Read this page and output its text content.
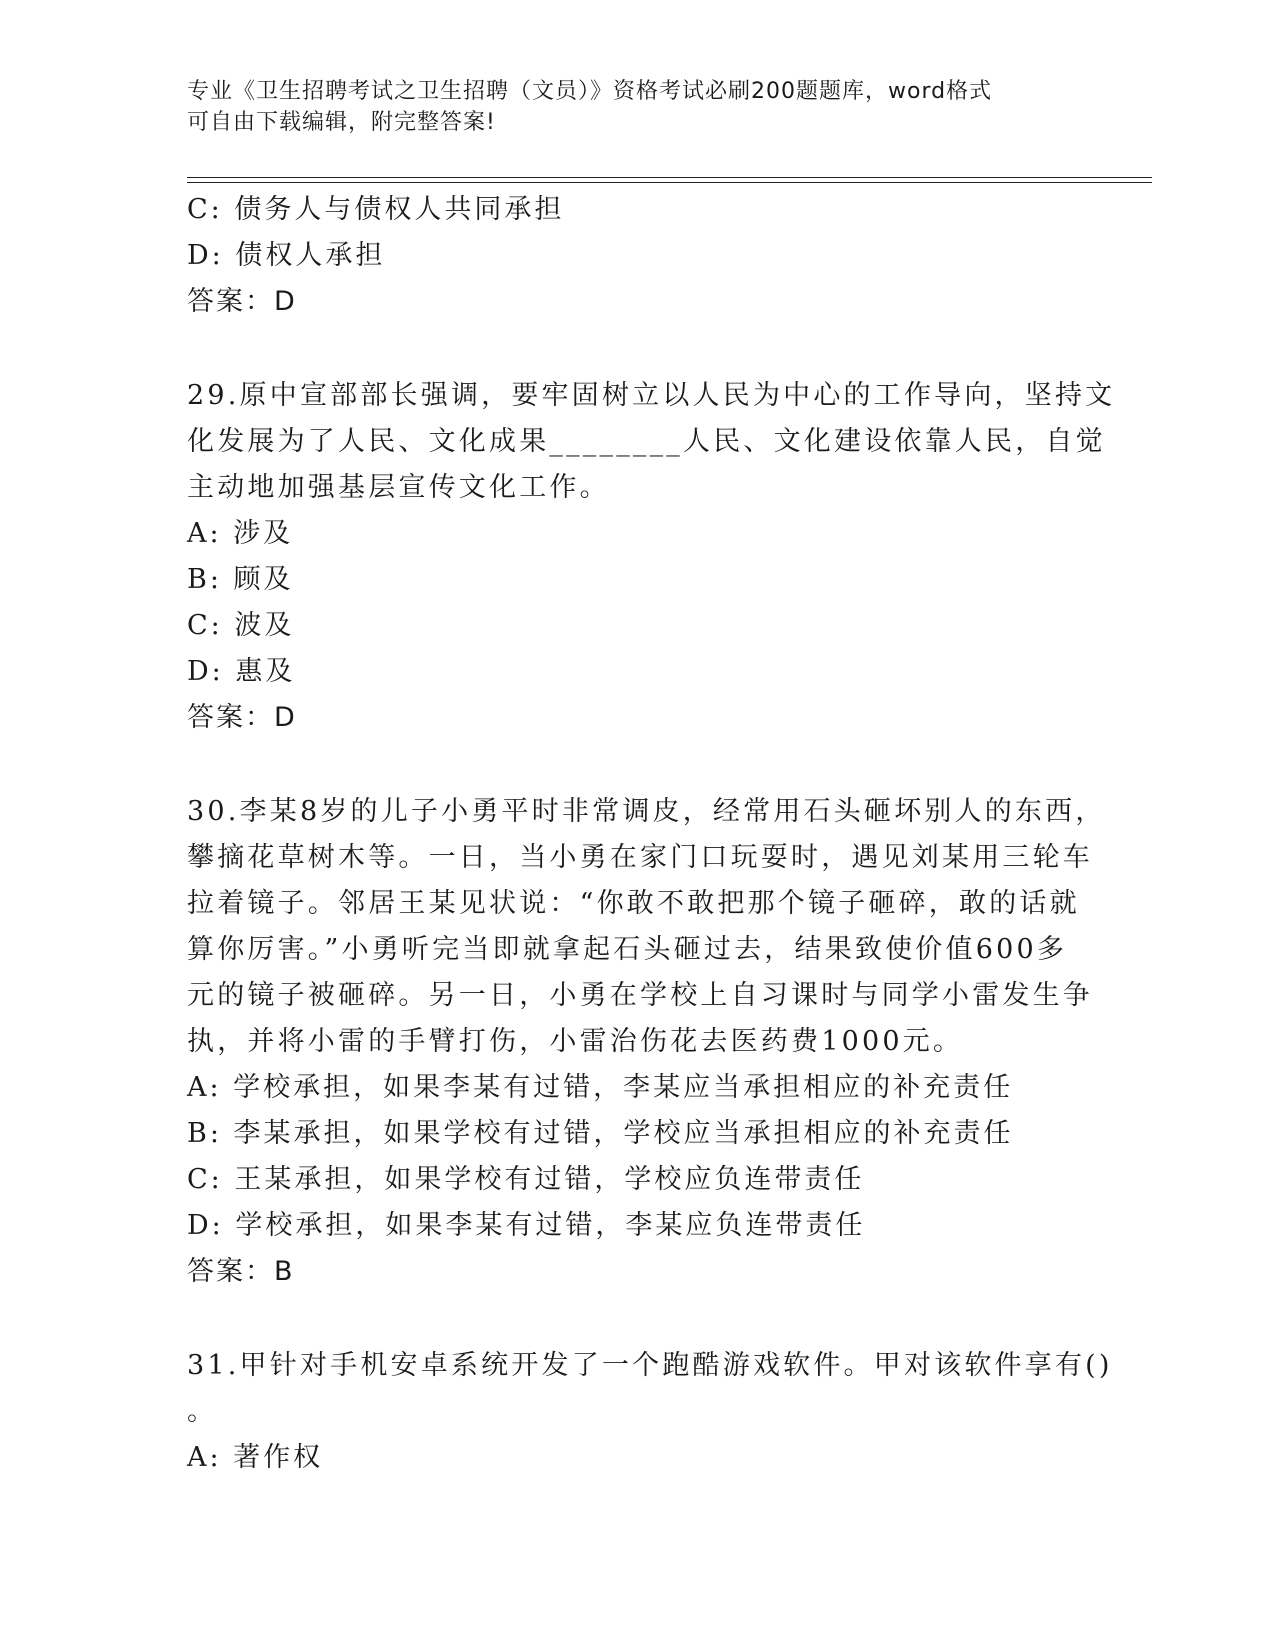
专业《卫生招聘考试之卫生招聘（文员）》资格考试必刷200题题库，word格式
可自由下载编辑，附完整答案!
C: 债务人与债权人共同承担
D: 债权人承担
答案：D
29.原中宣部部长强调，要牢固树立以人民为中心的工作导向，坚持文
化发展为了人民、文化成果________人民、文化建设依靠人民，自觉
主动地加强基层宣传文化工作。
A: 涉及
B: 顾及
C: 波及
D: 惠及
答案：D
30.李某8岁的儿子小勇平时非常调皮，经常用石头砸坏别人的东西，
攀摘花草树木等。一日，当小勇在家门口玩耍时，遇见刘某用三轮车
拉着镜子。邻居王某见状说：“你敢不敢把那个镜子砸碎，敢的话就
算你厉害。”小勇听完当即就拿起石头砸过去，结果致使价值600多
元的镜子被砸碎。另一日，小勇在学校上自习课时与同学小雷发生争
执，并将小雷的手臂打伤，小雷治伤花去医药费1000元。
A: 学校承担，如果李某有过错，李某应当承担相应的补充责任
B: 李某承担，如果学校有过错，学校应当承担相应的补充责任
C: 王某承担，如果学校有过错，学校应负连带责任
D: 学校承担，如果李某有过错，李某应负连带责任
答案：B
31.甲针对手机安卓系统开发了一个跑酷游戏软件。甲对该软件享有()
。
A: 著作权
